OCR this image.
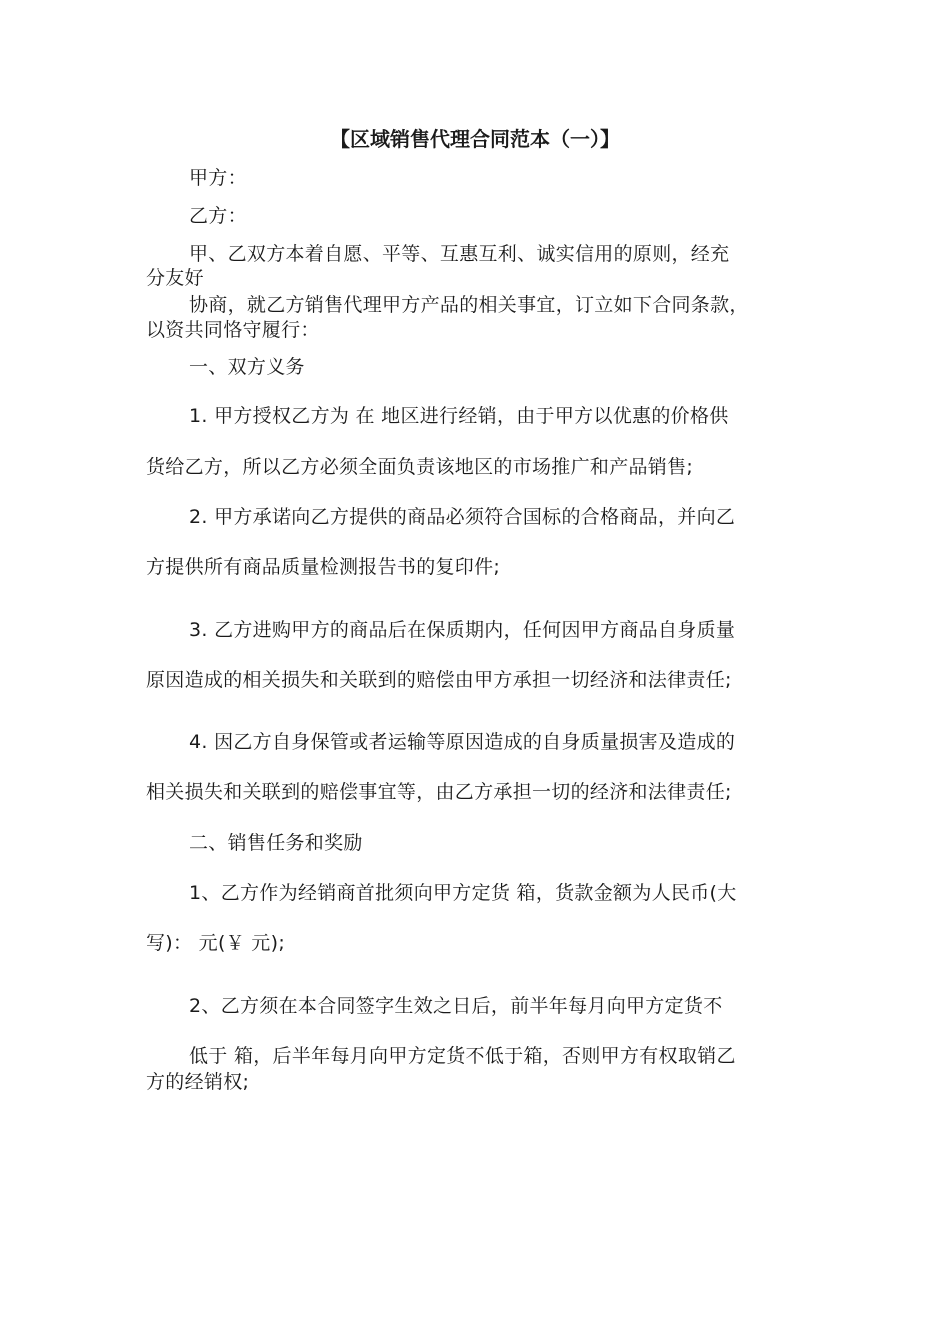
【区域销售代理合同范本（一）】
甲方：
乙方：
甲、乙双方本着自愿、平等、互惠互利、诚实信用的原则，经充
分友好
协商，就乙方销售代理甲方产品的相关事宜，订立如下合同条款，
以资共同恪守履行：
一、双方义务
1. 甲方授权乙方为 在 地区进行经销，由于甲方以优惠的价格供
货给乙方，所以乙方必须全面负责该地区的市场推广和产品销售;
2. 甲方承诺向乙方提供的商品必须符合国标的合格商品，并向乙
方提供所有商品质量检测报告书的复印件;
3. 乙方进购甲方的商品后在保质期内，任何因甲方商品自身质量
原因造成的相关损失和关联到的赔偿由甲方承担一切经济和法律责任;
4. 因乙方自身保管或者运输等原因造成的自身质量损害及造成的
相关损失和关联到的赔偿事宜等，由乙方承担一切的经济和法律责任;
二、销售任务和奖励
1、乙方作为经销商首批须向甲方定货 箱，货款金额为人民币(大
写)： 元(￥ 元);
2、乙方须在本合同签字生效之日后，前半年每月向甲方定货不
低于 箱，后半年每月向甲方定货不低于箱，否则甲方有权取销乙
方的经销权;
